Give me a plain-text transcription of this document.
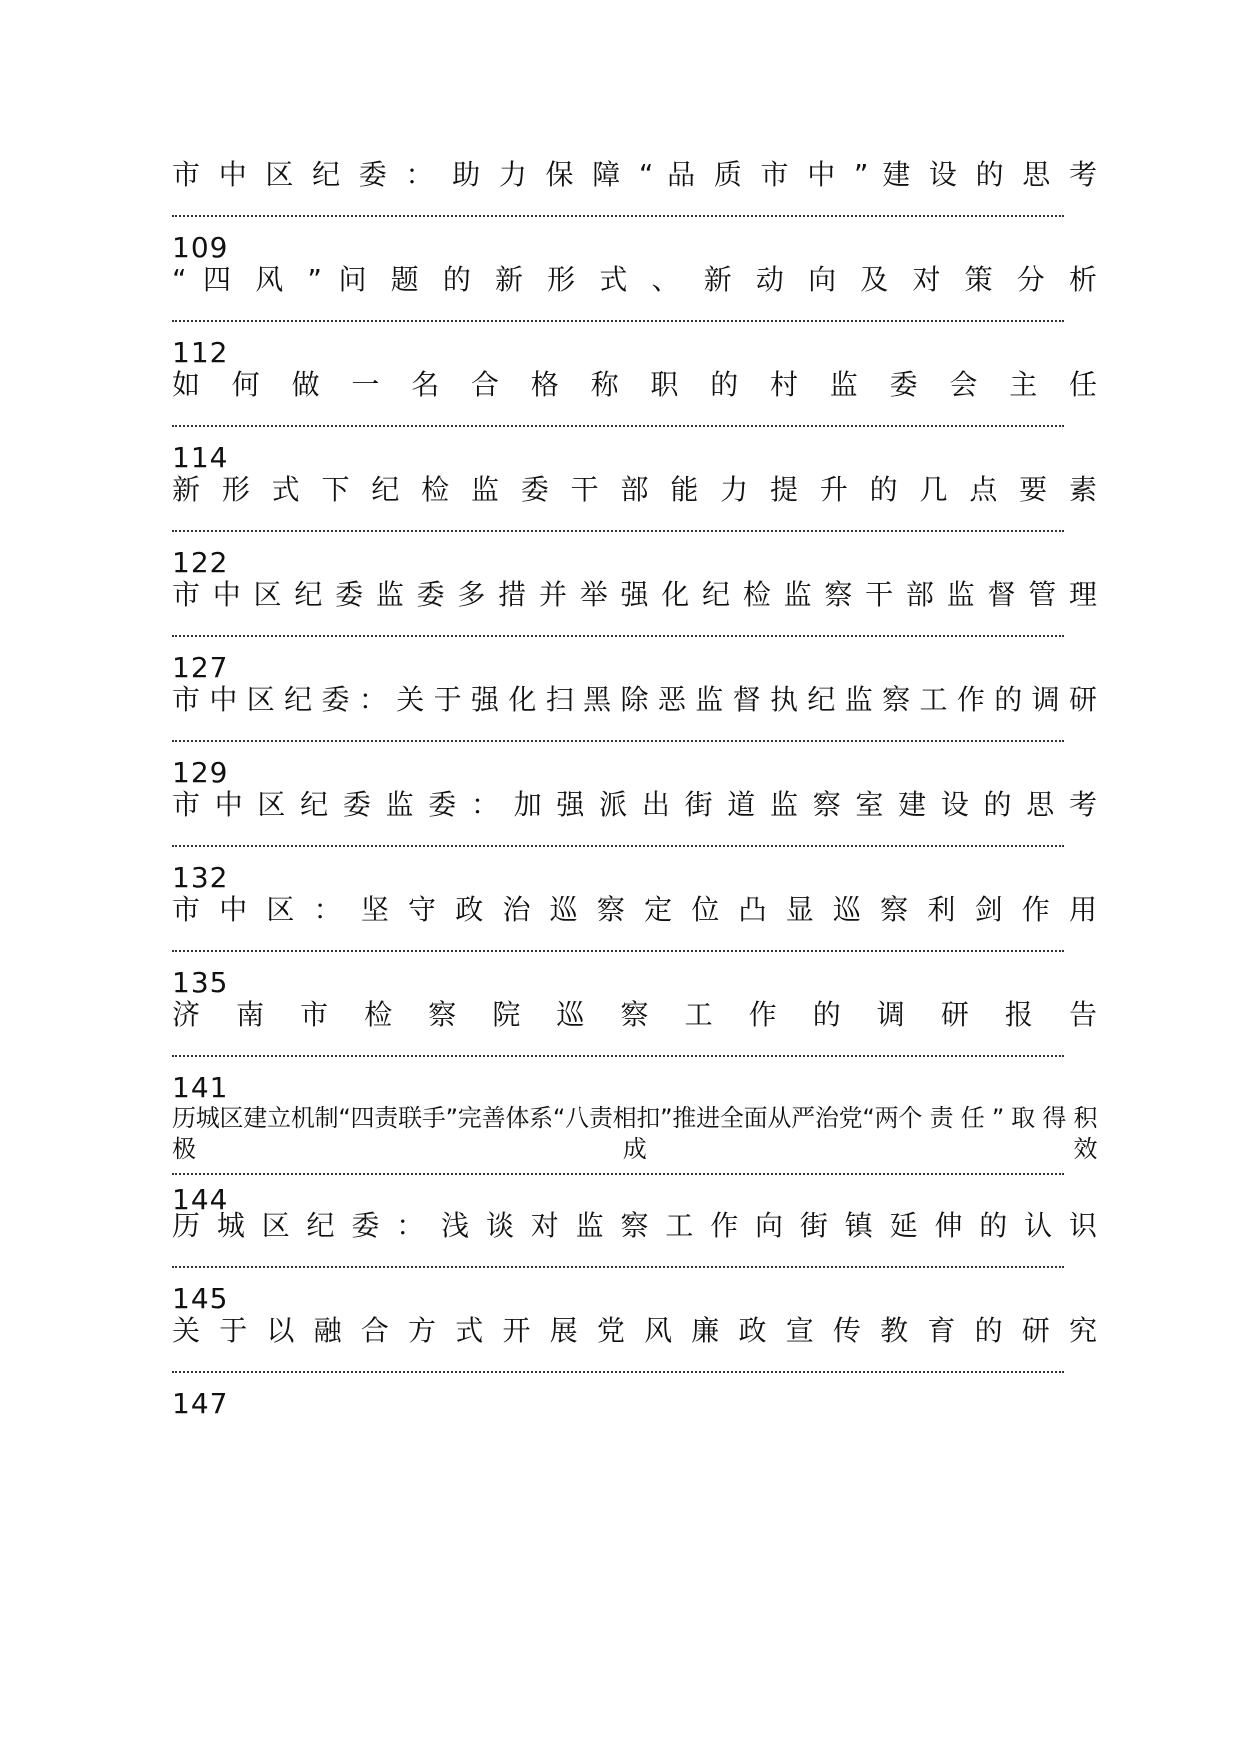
市 中 区 纪 委 ： 助 力 保 障 “ 品 质 市 中 ” 建 设 的 思 考
109
“ 四 风 ” 问 题 的 新 形 式 、 新 动 向 及 对 策 分 析
112
如 何 做 一 名 合 格 称 职 的 村 监 委 会 主 任
114
新 形 式 下 纪 检 监 委 干 部 能 力 提 升 的 几 点 要 素
122
市 中 区 纪 委 监 委 多 措 并 举 强 化 纪 检 监 察 干 部 监 督 管 理
127
市 中 区 纪 委 ： 关 于 强 化 扫 黑 除 恶 监 督 执 纪 监 察 工 作 的 调 研
129
市 中 区 纪 委 监 委 ： 加 强 派 出 街 道 监 察 室 建 设 的 思 考
132
市 中 区 ： 坚 守 政 治 巡 察 定 位 凸 显 巡 察 利 剑 作 用
135
济 南 市 检 察 院 巡 察 工 作 的 调 研 报 告
141
历城区建立机制“四责联手”完善体系“八责相扣”推进全面从严治党“两个 责 任 ” 取 得 积 极 成 效
144
历 城 区 纪 委 ： 浅 谈 对 监 察 工 作 向 街 镇 延 伸 的 认 识
145
关 于 以 融 合 方 式 开 展 党 风 廉 政 宣 传 教 育 的 研 究
147
